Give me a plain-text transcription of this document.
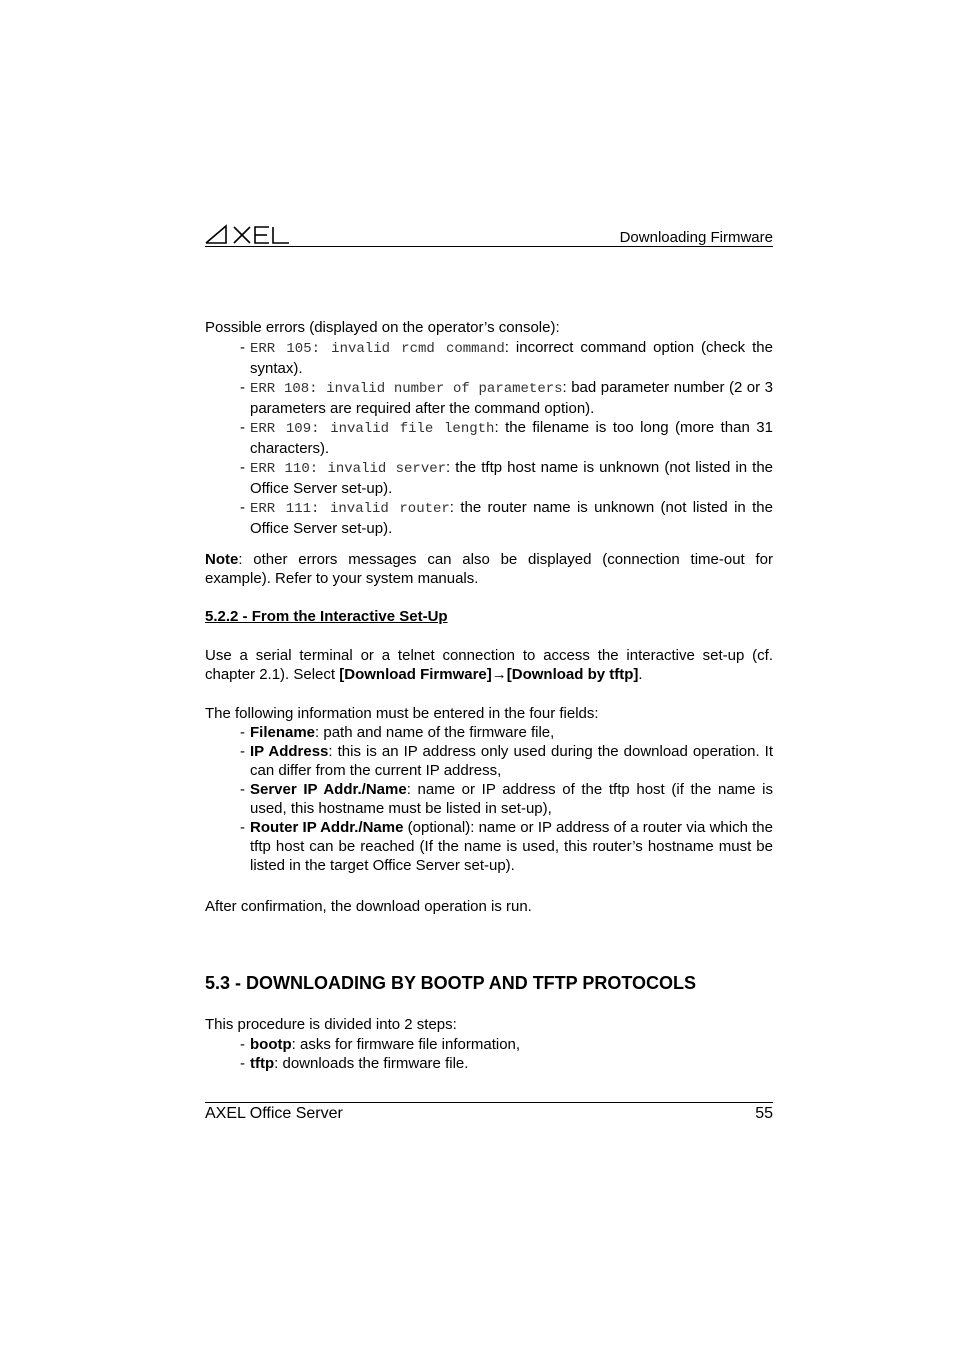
Downloading Firmware
Possible errors (displayed on the operator’s console):

- ERR 105: invalid rcmd command: incorrect command option (check the syntax).

- ERR 108: invalid number of parameters: bad parameter number (2 or 3 parameters are required after the command option).

- ERR 109: invalid file length: the filename is too long (more than 31 characters).

- ERR 110: invalid server: the tftp host name is unknown (not listed in the Office Server set-up).

- ERR 111: invalid router: the router name is unknown (not listed in the Office Server set-up).

Note: other errors messages can also be displayed (connection time-out for example). Refer to your system manuals.
5.2.2 - From the Interactive Set-Up
Use a serial terminal or a telnet connection to access the interactive set-up (cf. chapter 2.1). Select [Download Firmware]→[Download by tftp].
The following information must be entered in the four fields:

- Filename: path and name of the firmware file,

- IP Address: this is an IP address only used during the download operation. It can differ from the current IP address,

- Server IP Addr./Name: name or IP address of the tftp host (if the name is used, this hostname must be listed in set-up),

- Router IP Addr./Name (optional): name or IP address of a router via which the tftp host can be reached (If the name is used, this router’s hostname must be listed in the target Office Server set-up).

After confirmation, the download operation is run.
5.3 - DOWNLOADING BY BOOTP AND TFTP PROTOCOLS
This procedure is divided into 2 steps:

- bootp: asks for firmware file information,

- tftp: downloads the firmware file.

AXEL Office Server	55
